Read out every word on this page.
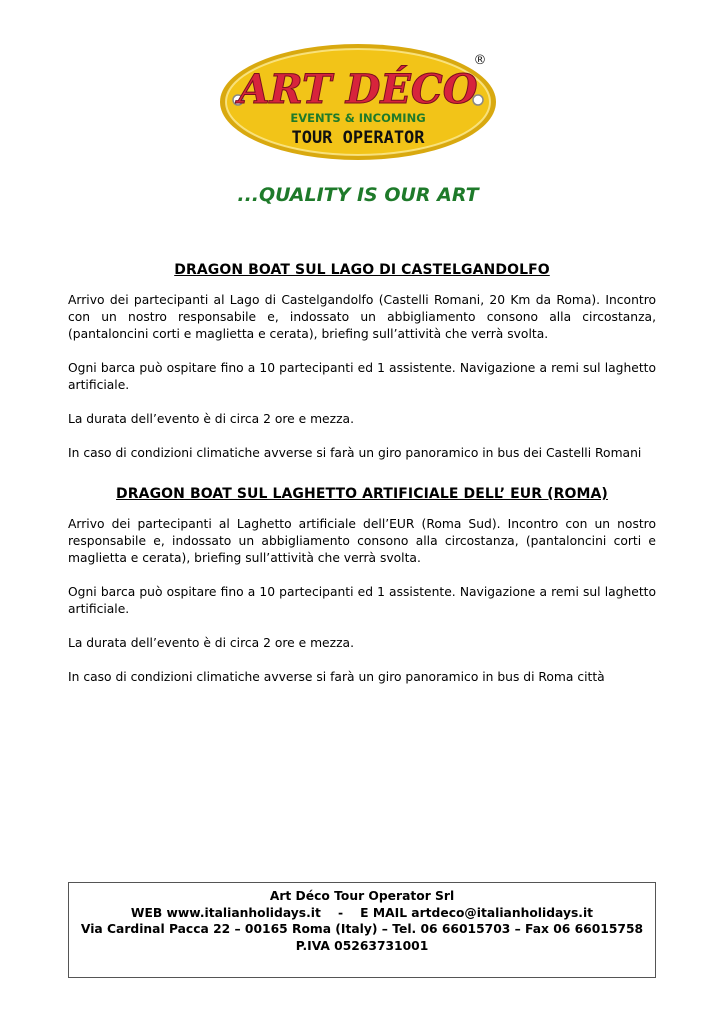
ART DÉCO
®
EVENTS & INCOMING
TOUR OPERATOR
...QUALITY IS OUR ART
DRAGON BOAT SUL LAGO DI CASTELGANDOLFO

Arrivo dei partecipanti al Lago di Castelgandolfo (Castelli Romani, 20 Km da Roma). Incontro con un nostro responsabile e, indossato un abbigliamento consono alla circostanza, (pantaloncini corti e maglietta e cerata), briefing sull’attività che verrà svolta.

Ogni barca può ospitare fino a 10 partecipanti ed 1 assistente. Navigazione a remi sul laghetto artificiale.

La durata dell’evento è di circa 2 ore e mezza.

In caso di condizioni climatiche avverse si farà un giro panoramico in bus dei Castelli Romani

DRAGON BOAT SUL LAGHETTO ARTIFICIALE DELL’ EUR (ROMA)

Arrivo dei partecipanti al Laghetto artificiale dell’EUR (Roma Sud). Incontro con un nostro responsabile e, indossato un abbigliamento consono alla circostanza, (pantaloncini corti e maglietta e cerata), briefing sull’attività che verrà svolta.

Ogni barca può ospitare fino a 10 partecipanti ed 1 assistente. Navigazione a remi sul laghetto artificiale.

La durata dell’evento è di circa 2 ore e mezza.

In caso di condizioni climatiche avverse si farà un giro panoramico in bus di Roma città

Art Déco Tour Operator Srl
WEB www.italianholidays.it    -    E MAIL artdeco@italianholidays.it
Via Cardinal Pacca 22 – 00165 Roma (Italy) – Tel. 06 66015703 – Fax 06 66015758
P.IVA 05263731001
